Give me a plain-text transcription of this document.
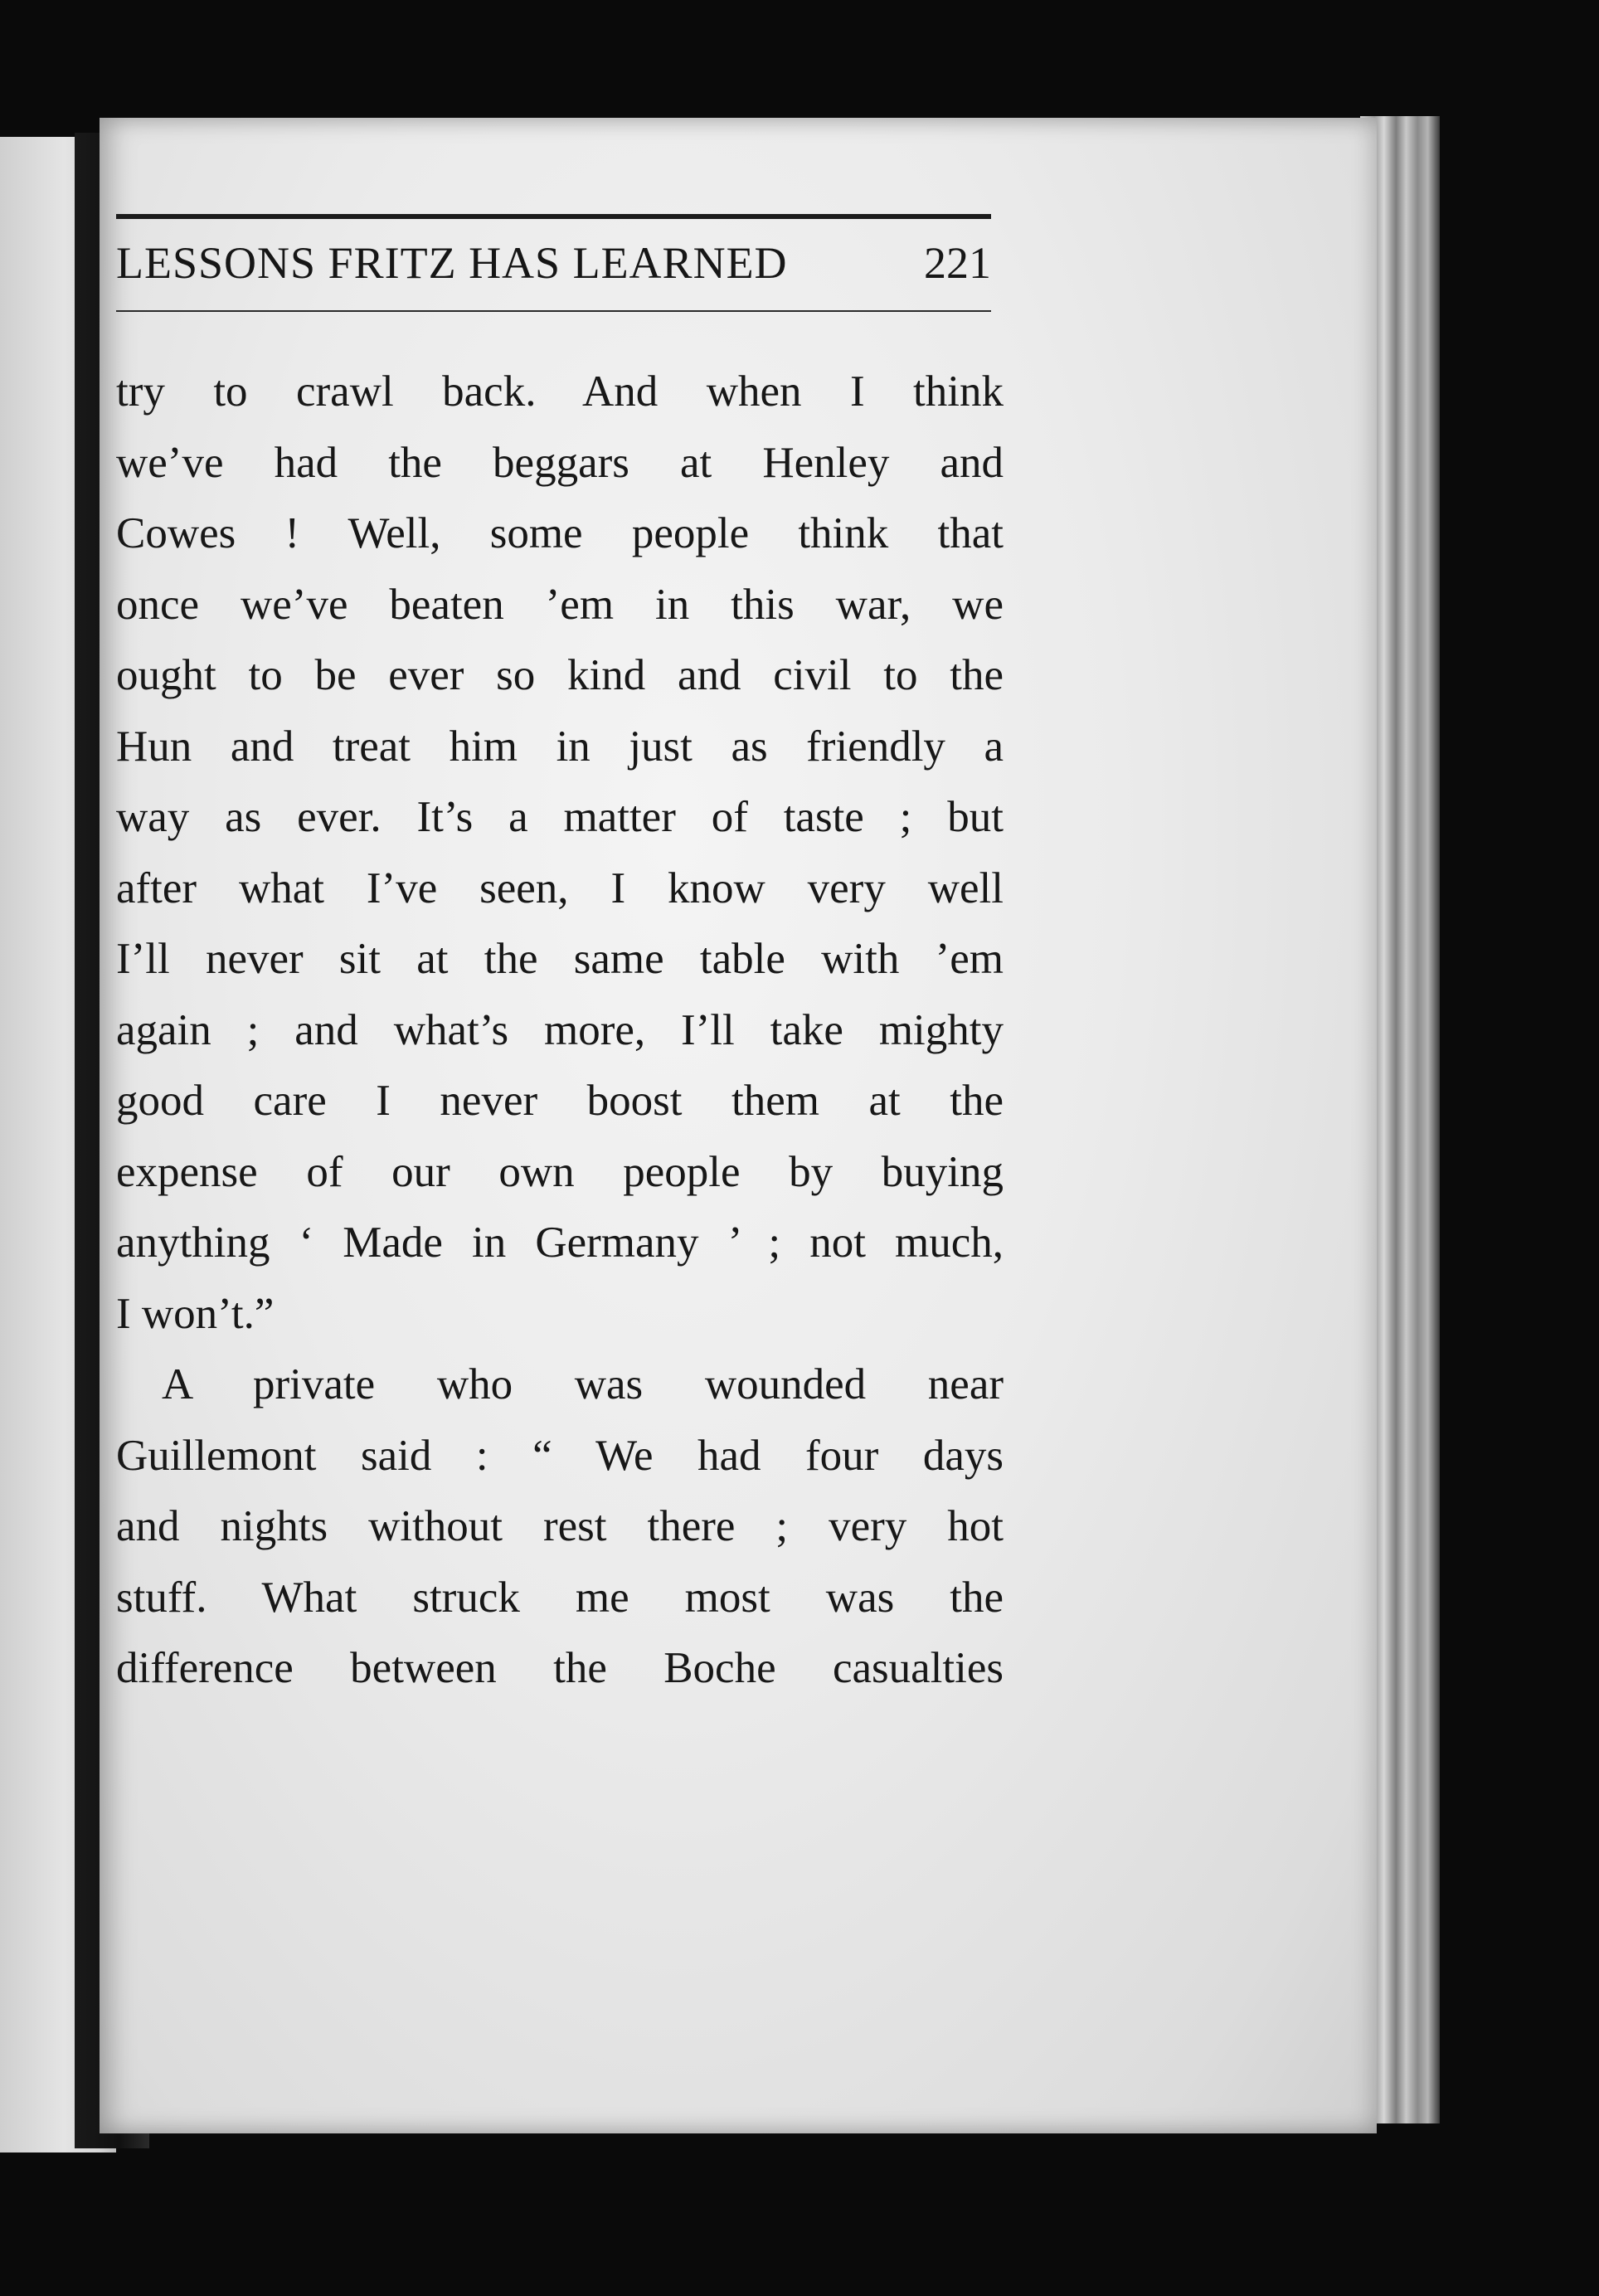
LESSONS FRITZ HAS LEARNED	221
try to crawl back. And when I think
we’ve had the beggars at Henley and
Cowes ! Well, some people think that
once we’ve beaten ’em in this war, we
ought to be ever so kind and civil to the
Hun and treat him in just as friendly a
way as ever. It’s a matter of taste ; but
after what I’ve seen, I know very well
I’ll never sit at the same table with ’em
again ; and what’s more, I’ll take mighty
good care I never boost them at the
expense of our own people by buying
anything ‘ Made in Germany ’ ; not much,
I won’t.”
A private who was wounded near
Guillemont said : “ We had four days
and nights without rest there ; very hot
stuff. What struck me most was the
difference between the Boche casualties
